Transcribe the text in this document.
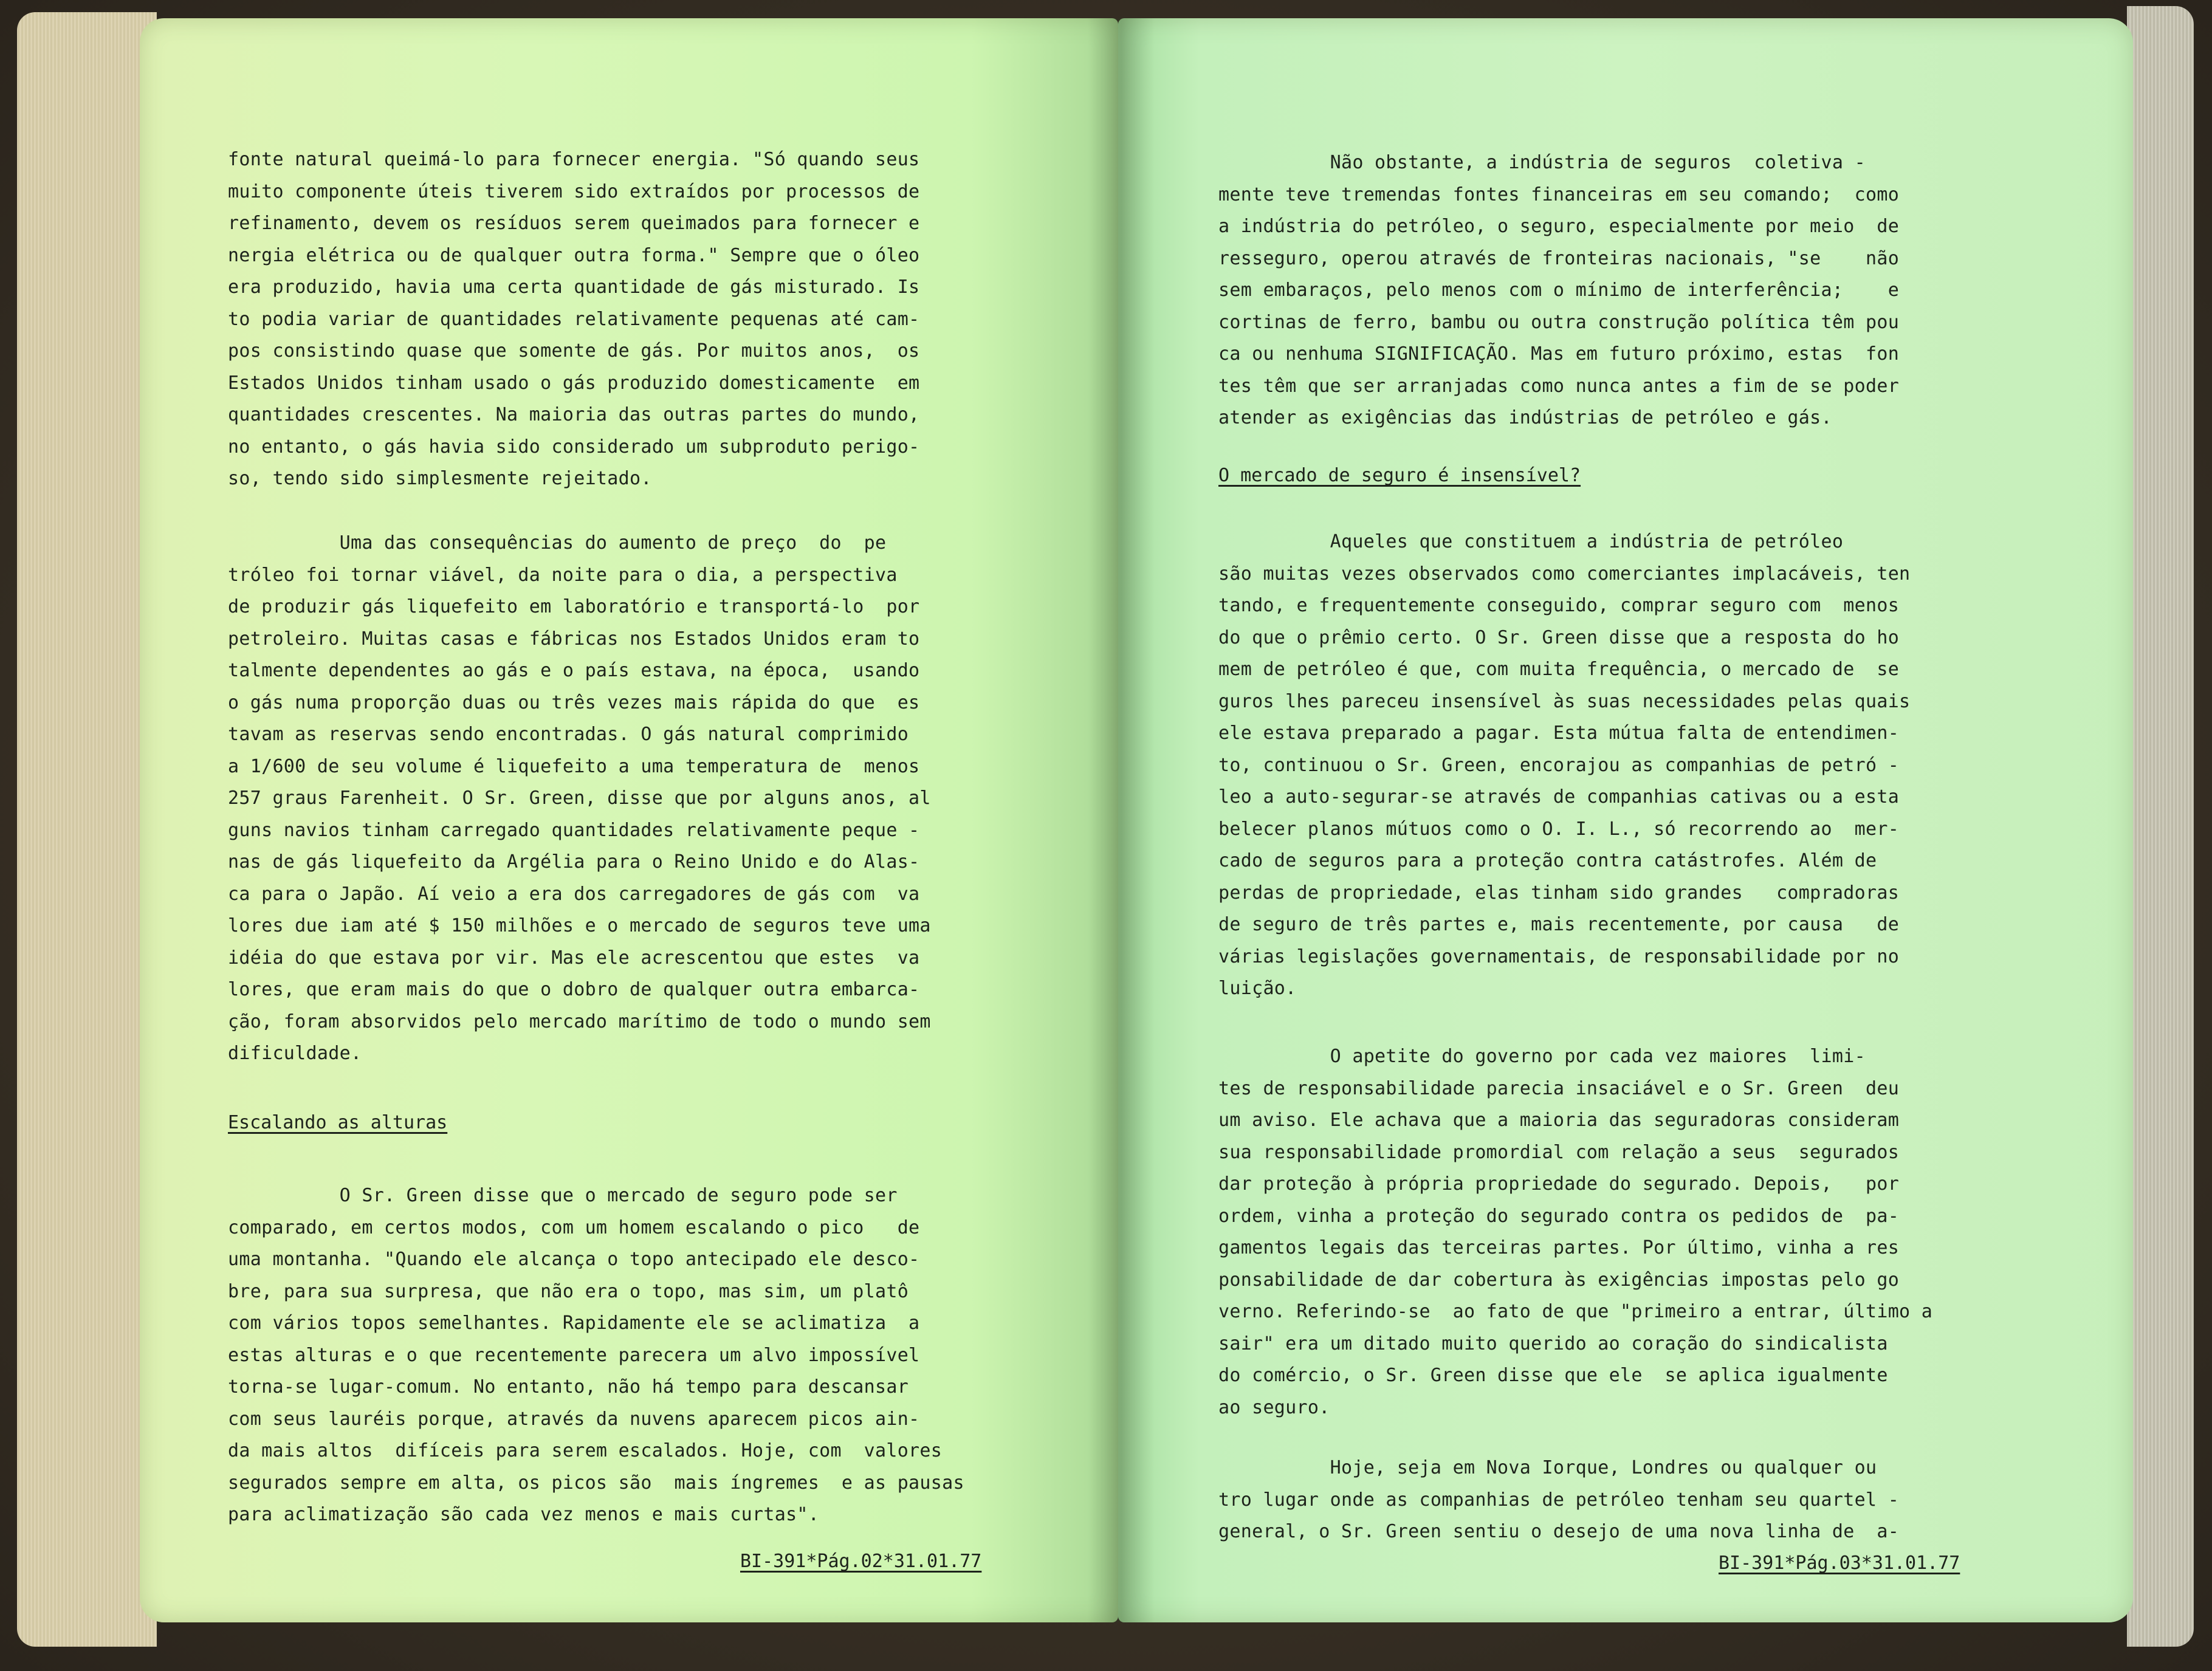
fonte natural queimá-lo para fornecer energia. "Só quando seus
muito componente úteis tiverem sido extraídos por processos de
refinamento, devem os resíduos serem queimados para fornecer e
nergia elétrica ou de qualquer outra forma." Sempre que o óleo
era produzido, havia uma certa quantidade de gás misturado. Is
to podia variar de quantidades relativamente pequenas até cam-
pos consistindo quase que somente de gás. Por muitos anos,  os
Estados Unidos tinham usado o gás produzido domesticamente  em
quantidades crescentes. Na maioria das outras partes do mundo,
no entanto, o gás havia sido considerado um subproduto perigo-
so, tendo sido simplesmente rejeitado.
Uma das consequências do aumento de preço  do  pe
tróleo foi tornar viável, da noite para o dia, a perspectiva
de produzir gás liquefeito em laboratório e transportá-lo  por
petroleiro. Muitas casas e fábricas nos Estados Unidos eram to
talmente dependentes ao gás e o país estava, na época,  usando
o gás numa proporção duas ou três vezes mais rápida do que  es
tavam as reservas sendo encontradas. O gás natural comprimido
a 1/600 de seu volume é liquefeito a uma temperatura de  menos
257 graus Farenheit. O Sr. Green, disse que por alguns anos, al
guns navios tinham carregado quantidades relativamente peque -
nas de gás liquefeito da Argélia para o Reino Unido e do Alas-
ca para o Japão. Aí veio a era dos carregadores de gás com  va
lores due iam até $ 150 milhões e o mercado de seguros teve uma
idéia do que estava por vir. Mas ele acrescentou que estes  va
lores, que eram mais do que o dobro de qualquer outra embarca-
ção, foram absorvidos pelo mercado marítimo de todo o mundo sem
dificuldade.
Escalando as alturas
O Sr. Green disse que o mercado de seguro pode ser
comparado, em certos modos, com um homem escalando o pico   de
uma montanha. "Quando ele alcança o topo antecipado ele desco-
bre, para sua surpresa, que não era o topo, mas sim, um platô
com vários topos semelhantes. Rapidamente ele se aclimatiza  a
estas alturas e o que recentemente parecera um alvo impossível
torna-se lugar-comum. No entanto, não há tempo para descansar
com seus lauréis porque, através da nuvens aparecem picos ain-
da mais altos  difíceis para serem escalados. Hoje, com  valores
segurados sempre em alta, os picos são  mais íngremes  e as pausas
para aclimatização são cada vez menos e mais curtas".
BI-391*Pág.02*31.01.77
Não obstante, a indústria de seguros  coletiva -
mente teve tremendas fontes financeiras em seu comando;  como
a indústria do petróleo, o seguro, especialmente por meio  de
resseguro, operou através de fronteiras nacionais, "se    não
sem embaraços, pelo menos com o mínimo de interferência;    e
cortinas de ferro, bambu ou outra construção política têm pou
ca ou nenhuma SIGNIFICAÇÃO. Mas em futuro próximo, estas  fon
tes têm que ser arranjadas como nunca antes a fim de se poder
atender as exigências das indústrias de petróleo e gás.
O mercado de seguro é insensível?
Aqueles que constituem a indústria de petróleo
são muitas vezes observados como comerciantes implacáveis, ten
tando, e frequentemente conseguido, comprar seguro com  menos
do que o prêmio certo. O Sr. Green disse que a resposta do ho
mem de petróleo é que, com muita frequência, o mercado de  se
guros lhes pareceu insensível às suas necessidades pelas quais
ele estava preparado a pagar. Esta mútua falta de entendimen-
to, continuou o Sr. Green, encorajou as companhias de petró -
leo a auto-segurar-se através de companhias cativas ou a esta
belecer planos mútuos como o O. I. L., só recorrendo ao  mer-
cado de seguros para a proteção contra catástrofes. Além de
perdas de propriedade, elas tinham sido grandes   compradoras
de seguro de três partes e, mais recentemente, por causa   de
várias legislações governamentais, de responsabilidade por no
luição.
O apetite do governo por cada vez maiores  limi-
tes de responsabilidade parecia insaciável e o Sr. Green  deu
um aviso. Ele achava que a maioria das seguradoras consideram
sua responsabilidade promordial com relação a seus  segurados
dar proteção à própria propriedade do segurado. Depois,   por
ordem, vinha a proteção do segurado contra os pedidos de  pa-
gamentos legais das terceiras partes. Por último, vinha a res
ponsabilidade de dar cobertura às exigências impostas pelo go
verno. Referindo-se  ao fato de que "primeiro a entrar, último a
sair" era um ditado muito querido ao coração do sindicalista
do comércio, o Sr. Green disse que ele  se aplica igualmente
ao seguro.
Hoje, seja em Nova Iorque, Londres ou qualquer ou
tro lugar onde as companhias de petróleo tenham seu quartel -
general, o Sr. Green sentiu o desejo de uma nova linha de  a-
BI-391*Pág.03*31.01.77
